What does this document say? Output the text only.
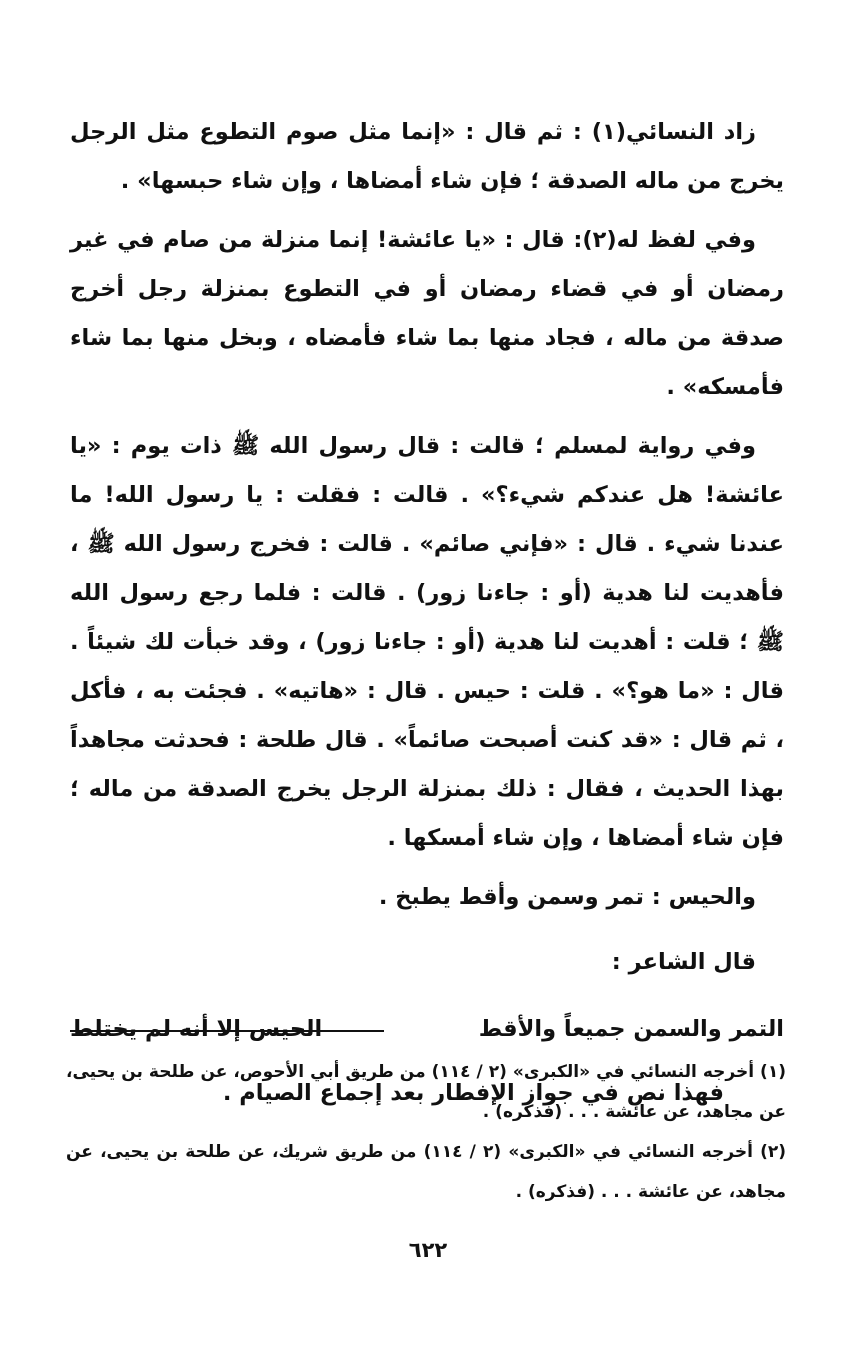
زاد النسائي(١) : ثم قال : «إنما مثل صوم التطوع مثل الرجل يخرج من ماله الصدقة ؛ فإن شاء أمضاها ، وإن شاء حبسها» .

وفي لفظ له(٢): قال : «يا عائشة! إنما منزلة من صام في غير رمضان أو في قضاء رمضان أو في التطوع بمنزلة رجل أخرج صدقة من ماله ، فجاد منها بما شاء فأمضاه ، وبخل منها بما شاء فأمسكه» .

وفي رواية لمسلم ؛ قالت : قال رسول الله ﷺ ذات يوم : «يا عائشة! هل عندكم شيء؟» . قالت : فقلت : يا رسول الله! ما عندنا شيء . قال : «فإني صائم» . قالت : فخرج رسول الله ﷺ ، فأهديت لنا هدية (أو : جاءنا زور) . قالت : فلما رجع رسول الله ﷺ ؛ قلت : أهديت لنا هدية (أو : جاءنا زور) ، وقد خبأت لك شيئاً . قال : «ما هو؟» . قلت : حيس . قال : «هاتيه» . فجئت به ، فأكل ، ثم قال : «قد كنت أصبحت صائماً» . قال طلحة : فحدثت مجاهداً بهذا الحديث ، فقال : ذلك بمنزلة الرجل يخرج الصدقة من ماله ؛ فإن شاء أمضاها ، وإن شاء أمسكها .

والحيس : تمر وسمن وأقط يطبخ .

قال الشاعر :

التمر والسمن جميعاً والأقط
الحيس إلا أنه لم يختلط

فهذا نص في جواز الإفطار بعد إجماع الصيام .

(١) أخرجه النسائي في «الكبرى» (٢ / ١١٤) من طريق أبي الأحوص، عن طلحة بن يحيى، عن مجاهد، عن عائشة . . . (فذكره) .

(٢) أخرجه النسائي في «الكبرى» (٢ / ١١٤) من طريق شريك، عن طلحة بن يحيى، عن مجاهد، عن عائشة . . . (فذكره) .

٦٢٢
